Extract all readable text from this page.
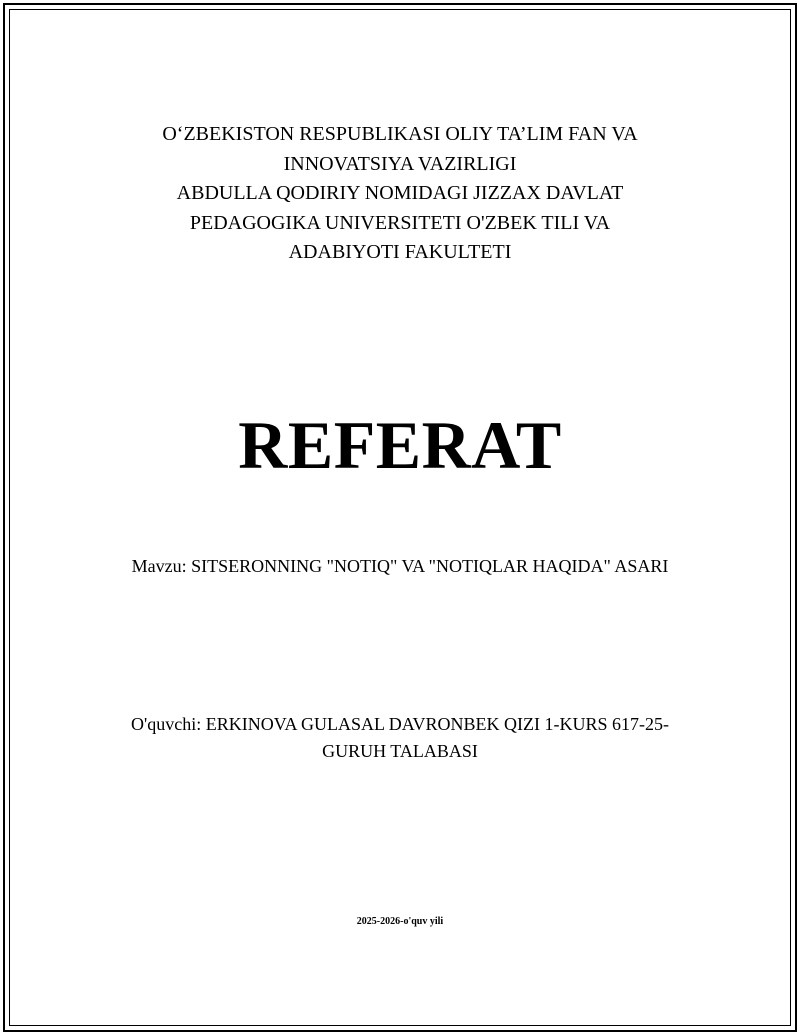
O‘ZBEKISTON RESPUBLIKASI OLIY TA’LIM FAN VA
INNOVATSIYA VAZIRLIGI
ABDULLA QODIRIY NOMIDAGI JIZZAX DAVLAT
PEDAGOGIKA UNIVERSITETI O'ZBEK TILI VA
ADABIYOTI FAKULTETI
REFERAT
Mavzu: SITSERONNING "NOTIQ" VA "NOTIQLAR HAQIDA" ASARI
O'quvchi: ERKINOVA GULASAL DAVRONBEK QIZI 1-KURS 617-25-
GURUH TALABASI
2025-2026-o'quv yili
